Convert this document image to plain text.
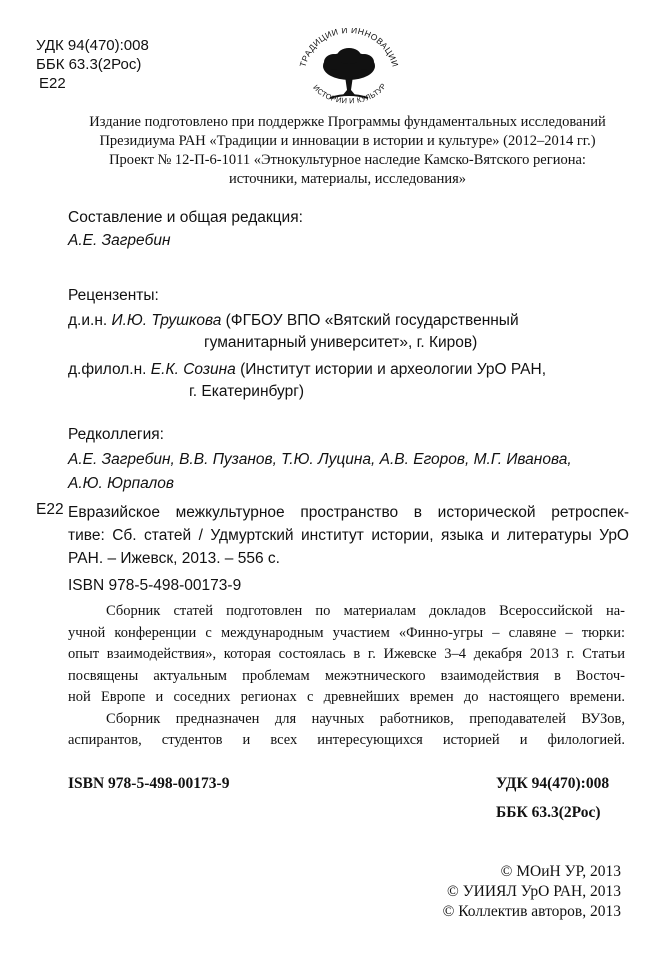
УДК 94(470):008
ББК 63.3(2Рос)
Е22
ТРАДИЦИИ И ИННОВАЦИИ
ИСТОРИИ И КУЛЬТУР
Издание подготовлено при поддержке Программы фундаментальных исследований
Президиума РАН «Традиции и инновации в истории и культуре» (2012–2014 гг.)
Проект № 12-П-6-1011 «Этнокультурное наследие Камско-Вятского региона:
источники, материалы, исследования»
Составление и общая редакция:
А.Е. Загребин
Рецензенты:
д.и.н. И.Ю. Трушкова (ФГБОУ ВПО «Вятский государственный
гуманитарный университет», г. Киров)
д.филол.н. Е.К. Созина (Институт истории и археологии УрО РАН,
г. Екатеринбург)
Редколлегия:
А.Е. Загребин, В.В. Пузанов, Т.Ю. Луцина, А.В. Егоров, М.Г. Иванова,
А.Ю. Юрпалов
Е22 Евразийское межкультурное пространство в исторической ретроспек-
тиве: Сб. статей / Удмуртский институт истории, языка и литературы УрО
РАН. – Ижевск, 2013. – 556 с.
ISBN 978-5-498-00173-9
Сборник статей подготовлен по материалам докладов Всероссийской на-
учной конференции с международным участием «Финно-угры – славяне – тюрки:
опыт взаимодействия», которая состоялась в г. Ижевске 3–4 декабря 2013 г. Статьи
посвящены актуальным проблемам межэтнического взаимодействия в Восточ-
ной Европе и соседних регионах с древнейших времен до настоящего времени.
Сборник предназначен для научных работников, преподавателей ВУЗов,
аспирантов, студентов и всех интересующихся историей и филологией.
ISBN 978-5-498-00173-9	УДК 94(470):008
ББК 63.3(2Рос)
© МОиН УР, 2013
© УИИЯЛ УрО РАН, 2013
© Коллектив авторов, 2013
